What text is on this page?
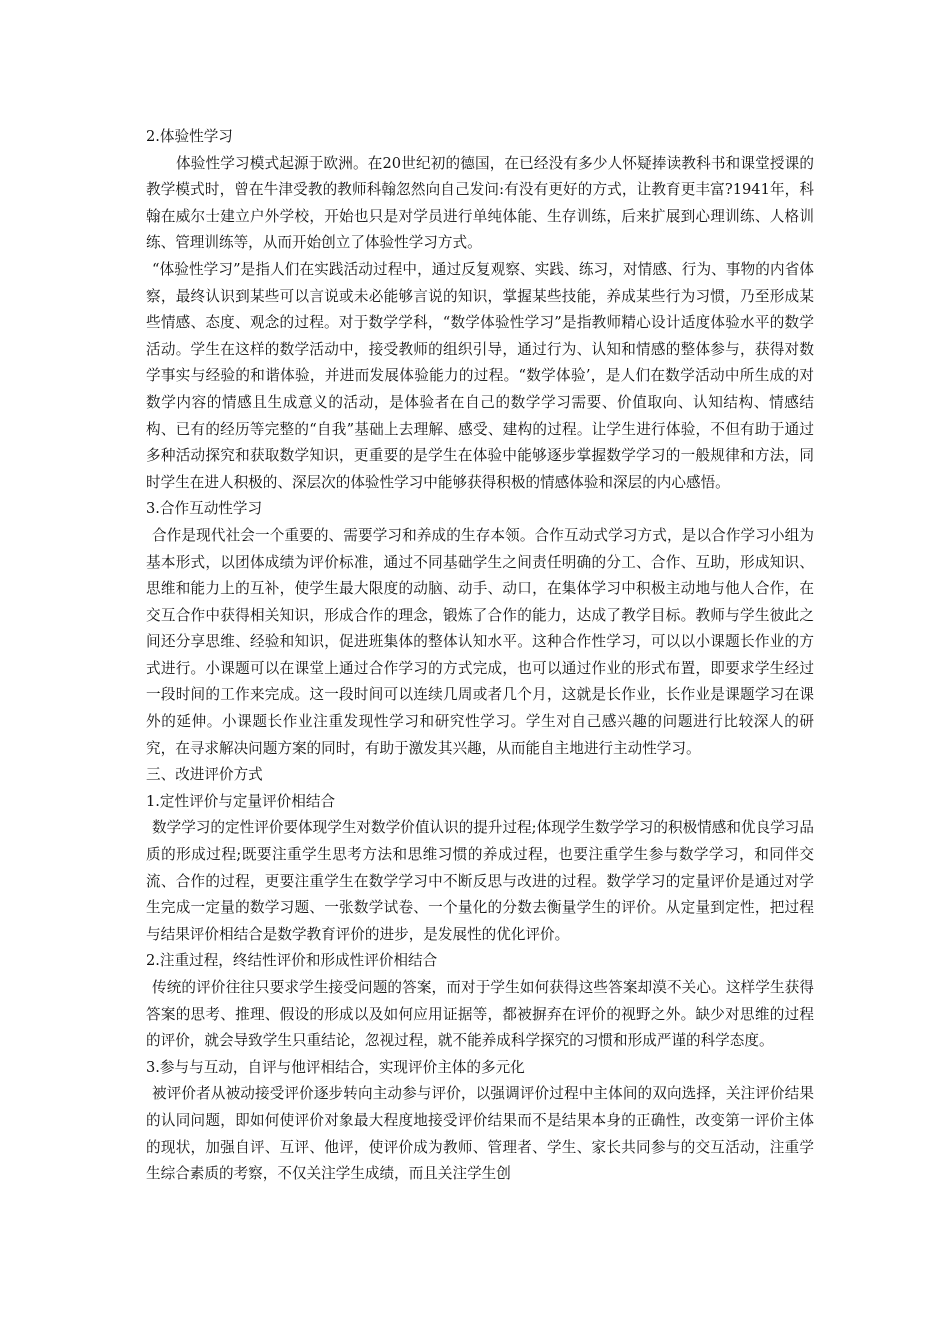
2.体验性学习

体验性学习模式起源于欧洲。在20世纪初的德国，在已经没有多少人怀疑捧读教科书和课堂授课的教学模式时，曾在牛津受教的教师科翰忽然向自己发问:有没有更好的方式，让教育更丰富?1941年，科翰在威尔士建立户外学校，开始也只是对学员进行单纯体能、生存训练，后来扩展到心理训练、人格训练、管理训练等，从而开始创立了体验性学习方式。

“体验性学习”是指人们在实践活动过程中，通过反复观察、实践、练习，对情感、行为、事物的内省体察，最终认识到某些可以言说或未必能够言说的知识，掌握某些技能，养成某些行为习惯，乃至形成某些情感、态度、观念的过程。对于数学学科，“数学体验性学习”是指教师精心设计适度体验水平的数学活动。学生在这样的数学活动中，接受教师的组织引导，通过行为、认知和情感的整体参与，获得对数学事实与经验的和谐体验，并进而发展体验能力的过程。“数学体验’，是人们在数学活动中所生成的对数学内容的情感且生成意义的活动，是体验者在自己的数学学习需要、价值取向、认知结构、情感结构、已有的经历等完整的“自我”基础上去理解、感受、建构的过程。让学生进行体验，不但有助于通过多种活动探究和获取数学知识，更重要的是学生在体验中能够逐步掌握数学学习的一般规律和方法，同时学生在进人积极的、深层次的体验性学习中能够获得积极的情感体验和深层的内心感悟。

3.合作互动性学习

合作是现代社会一个重要的、需要学习和养成的生存本领。合作互动式学习方式，是以合作学习小组为基本形式，以团体成绩为评价标准，通过不同基础学生之间责任明确的分工、合作、互助，形成知识、思维和能力上的互补，使学生最大限度的动脑、动手、动口，在集体学习中积极主动地与他人合作，在交互合作中获得相关知识，形成合作的理念，锻炼了合作的能力，达成了教学目标。教师与学生彼此之间还分享思维、经验和知识，促进班集体的整体认知水平。这种合作性学习，可以以小课题长作业的方式进行。小课题可以在课堂上通过合作学习的方式完成，也可以通过作业的形式布置，即要求学生经过一段时间的工作来完成。这一段时间可以连续几周或者几个月，这就是长作业，长作业是课题学习在课外的延伸。小课题长作业注重发现性学习和研究性学习。学生对自己感兴趣的问题进行比较深人的研究，在寻求解决问题方案的同时，有助于激发其兴趣，从而能自主地进行主动性学习。

三、改进评价方式

1.定性评价与定量评价相结合

数学学习的定性评价要体现学生对数学价值认识的提升过程;体现学生数学学习的积极情感和优良学习品质的形成过程;既要注重学生思考方法和思维习惯的养成过程，也要注重学生参与数学学习，和同伴交流、合作的过程，更要注重学生在数学学习中不断反思与改进的过程。数学学习的定量评价是通过对学生完成一定量的数学习题、一张数学试卷、一个量化的分数去衡量学生的评价。从定量到定性，把过程与结果评价相结合是数学教育评价的进步，是发展性的优化评价。

2.注重过程，终结性评价和形成性评价相结合

传统的评价往往只要求学生接受问题的答案，而对于学生如何获得这些答案却漠不关心。这样学生获得答案的思考、推理、假设的形成以及如何应用证据等，都被摒弃在评价的视野之外。缺少对思维的过程的评价，就会导致学生只重结论，忽视过程，就不能养成科学探究的习惯和形成严谨的科学态度。

3.参与与互动，自评与他评相结合，实现评价主体的多元化

被评价者从被动接受评价逐步转向主动参与评价，以强调评价过程中主体间的双向选择，关注评价结果的认同问题，即如何使评价对象最大程度地接受评价结果而不是结果本身的正确性，改变第一评价主体的现状，加强自评、互评、他评，使评价成为教师、管理者、学生、家长共同参与的交互活动，注重学生综合素质的考察，不仅关注学生成绩，而且关注学生创
